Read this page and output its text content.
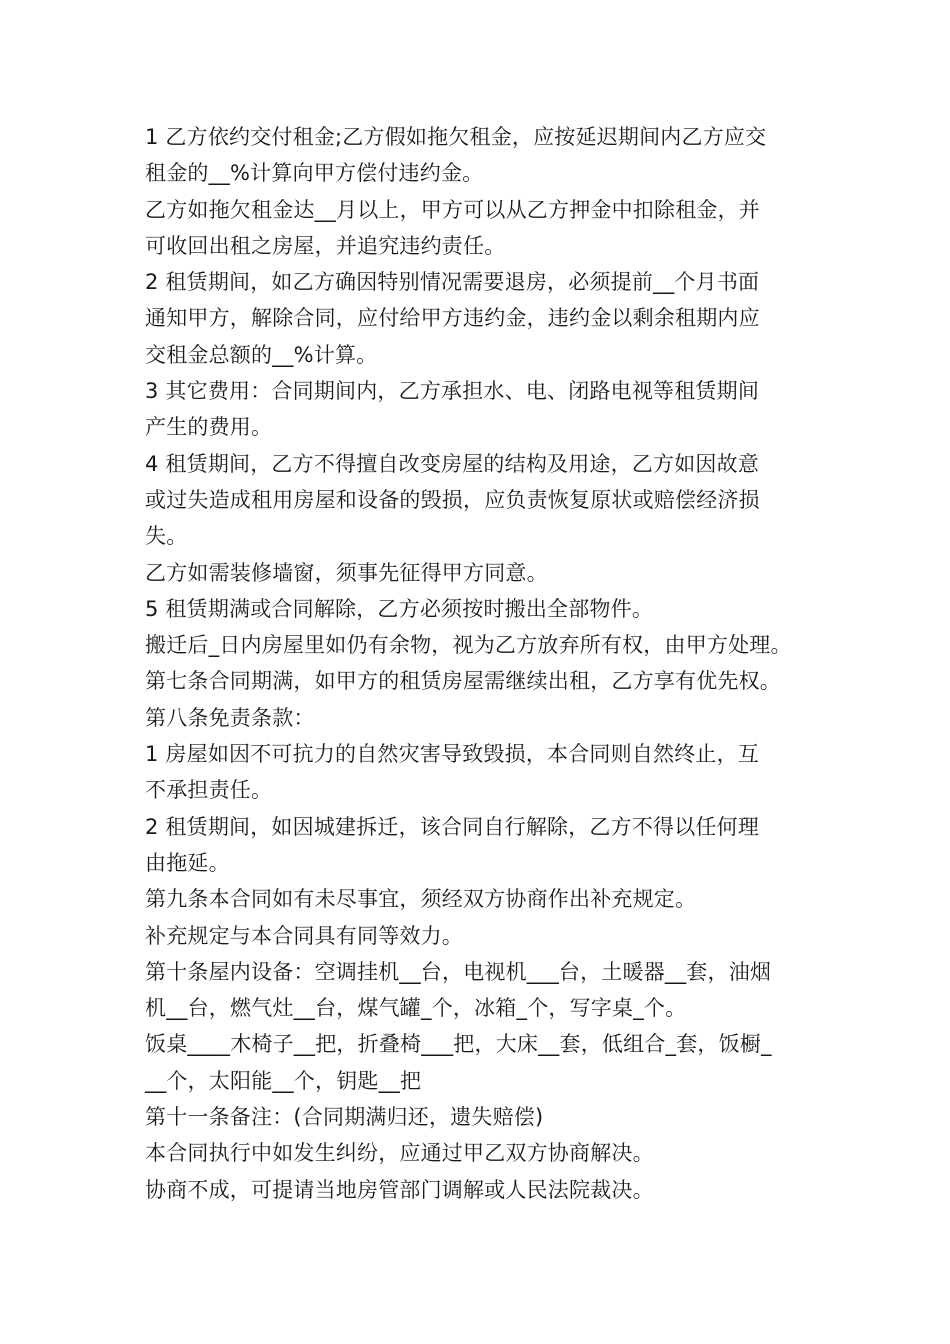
1 乙方依约交付租金;乙方假如拖欠租金，应按延迟期间内乙方应交
租金的__%计算向甲方偿付违约金。
乙方如拖欠租金达__月以上，甲方可以从乙方押金中扣除租金，并
可收回出租之房屋，并追究违约责任。
2 租赁期间，如乙方确因特别情况需要退房，必须提前__个月书面
通知甲方，解除合同，应付给甲方违约金，违约金以剩余租期内应
交租金总额的__%计算。
3 其它费用：合同期间内，乙方承担水、电、闭路电视等租赁期间
产生的费用。
4 租赁期间，乙方不得擅自改变房屋的结构及用途，乙方如因故意
或过失造成租用房屋和设备的毁损，应负责恢复原状或赔偿经济损
失。
乙方如需装修墙窗，须事先征得甲方同意。
5 租赁期满或合同解除，乙方必须按时搬出全部物件。
搬迁后_日内房屋里如仍有余物，视为乙方放弃所有权，由甲方处理。
第七条合同期满，如甲方的租赁房屋需继续出租，乙方享有优先权。
第八条免责条款：
1 房屋如因不可抗力的自然灾害导致毁损，本合同则自然终止，互
不承担责任。
2 租赁期间，如因城建拆迁，该合同自行解除，乙方不得以任何理
由拖延。
第九条本合同如有未尽事宜，须经双方协商作出补充规定。
补充规定与本合同具有同等效力。
第十条屋内设备：空调挂机__台，电视机___台，土暖器__套，油烟
机__台，燃气灶__台，煤气罐_个，冰箱_个，写字桌_个。
饭桌____木椅子__把，折叠椅___把，大床__套，低组合_套，饭橱_
__个，太阳能__个，钥匙__把
第十一条备注：(合同期满归还，遗失赔偿)
本合同执行中如发生纠纷，应通过甲乙双方协商解决。
协商不成，可提请当地房管部门调解或人民法院裁决。
